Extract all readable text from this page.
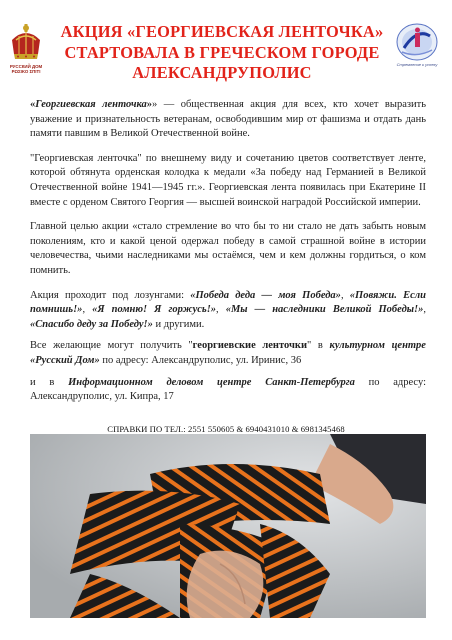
РУССКИЙ ДОМ
ΡΩΣΙΚΟ ΣΠΙΤΙ
АКЦИЯ «ГЕОРГИЕВСКАЯ ЛЕНТОЧКА»
СТАРТОВАЛА В ГРЕЧЕСКОМ ГОРОДЕ
АЛЕКСАНДРУПОЛИС	Стремление к успеху

«Георгиевская ленточка»» — общественная акция для всех, кто хочет выразить уважение и признательность ветеранам, освободившим мир от фашизма и отдать дань памяти павшим в Великой Отечественной войне.

"Георгиевская ленточка" по внешнему виду и сочетанию цветов соответствует ленте, которой обтянута орденская колодка к медали «За победу над Германией в Великой Отечественной войне 1941—1945 гг.». Георгиевская лента появилась при Екатерине II вместе с орденом Святого Георгия — высшей воинской наградой Российской империи.

Главной целью акции «стало стремление во что бы то ни стало не дать забыть новым поколениям, кто и какой ценой одержал победу в самой страшной войне в истории человечества, чьими наследниками мы остаёмся, чем и кем должны гордиться, о ком помнить.

Акция проходит под лозунгами: «Победа деда — моя Победа», «Повяжи. Если помнишь!», «Я помню! Я горжусь!», «Мы — наследники Великой Победы!», «Спасибо деду за Победу!» и другими.

Все желающие могут получить "георгиевские ленточки" в культурном центре «Русский Дом» по адресу: Александруполис, ул. Иринис, 36

и в Информационном деловом центре Санкт-Петербурга по адресу: Александруполис, ул. Кипра, 17

СПРАВКИ ПО ТЕЛ.: 2551 550605 & 6940431010 & 6981345468
